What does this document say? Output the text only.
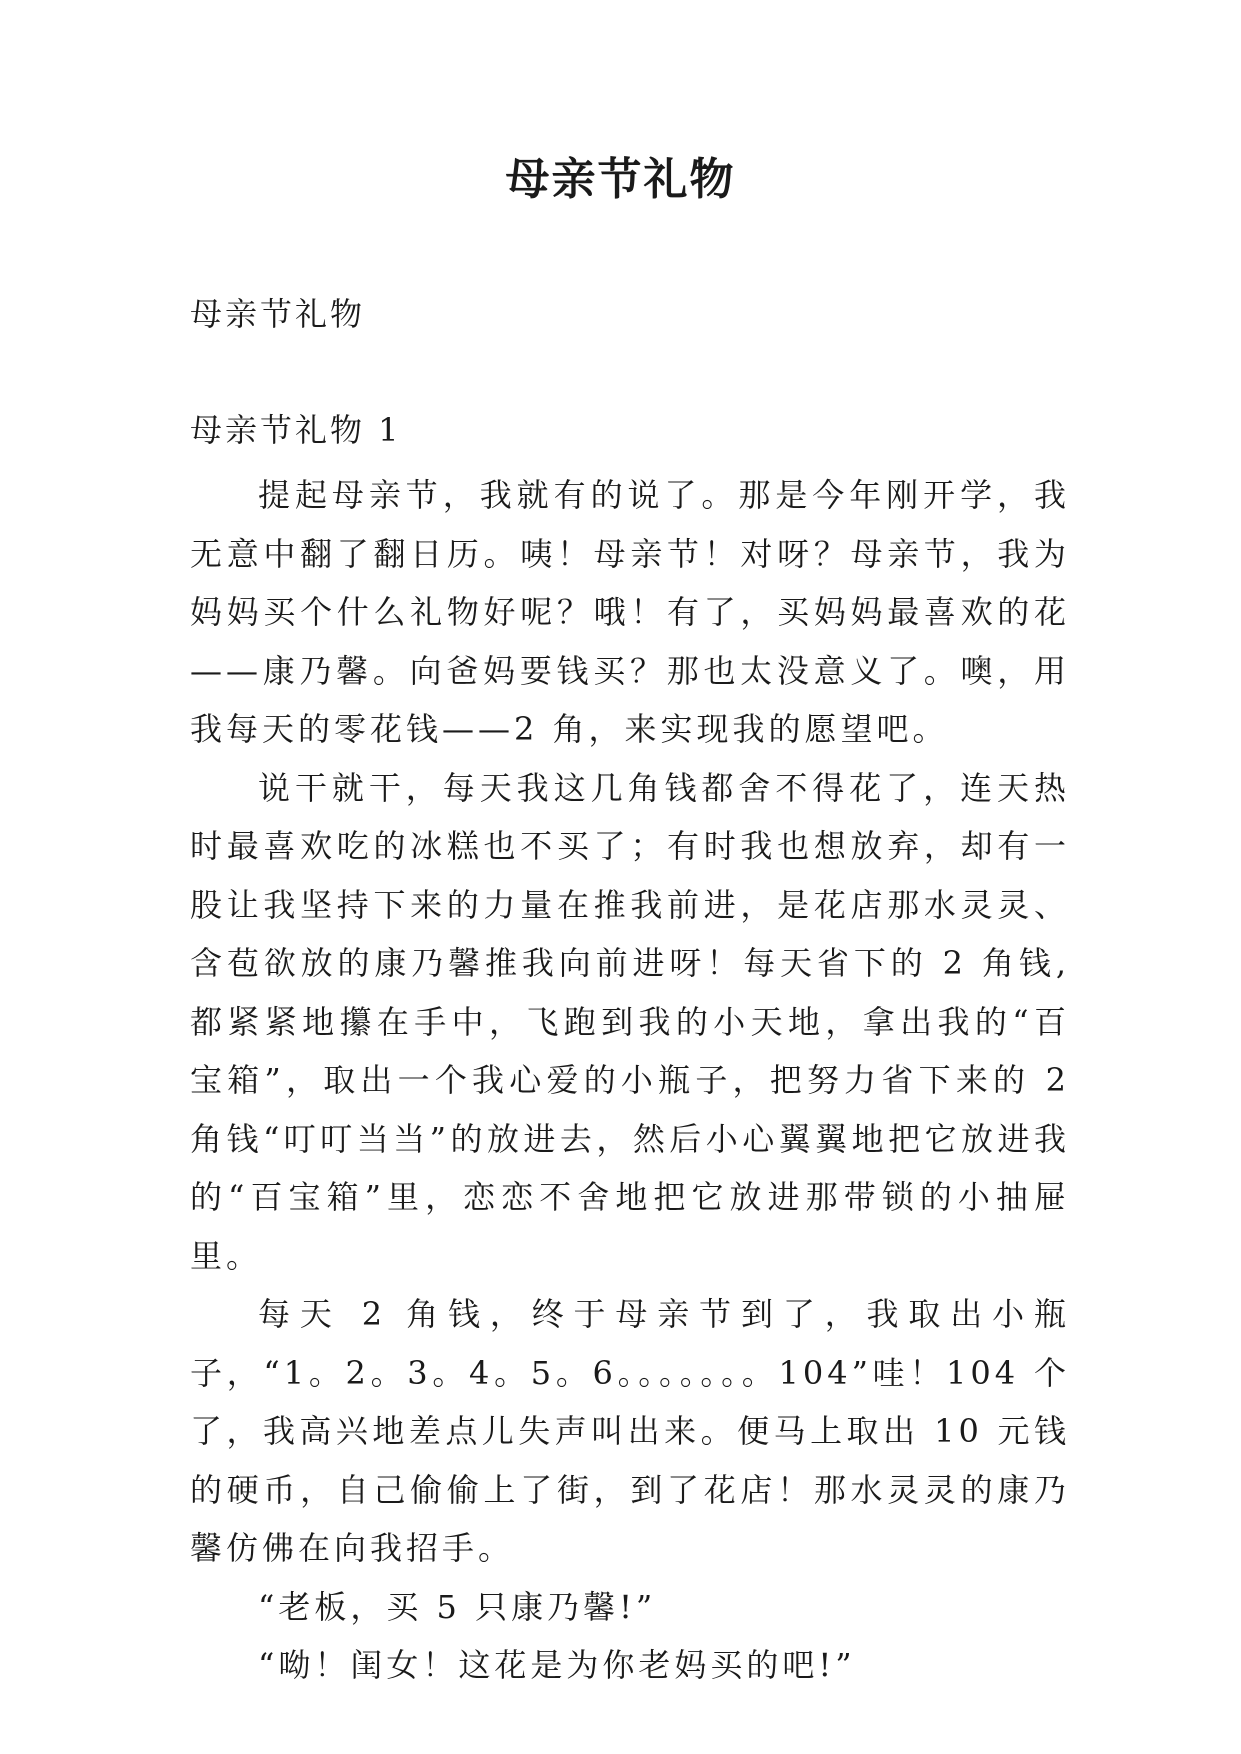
母亲节礼物
母亲节礼物
母亲节礼物 1

提起母亲节，我就有的说了。那是今年刚开学，我无意中翻了翻日历。咦！母亲节！对呀？母亲节，我为妈妈买个什么礼物好呢？哦！有了，买妈妈最喜欢的花——康乃馨。向爸妈要钱买？那也太没意义了。噢，用我每天的零花钱——2 角，来实现我的愿望吧。

说干就干，每天我这几角钱都舍不得花了，连天热时最喜欢吃的冰糕也不买了；有时我也想放弃，却有一股让我坚持下来的力量在推我前进，是花店那水灵灵、含苞欲放的康乃馨推我向前进呀！每天省下的 2 角钱,都紧紧地攥在手中，飞跑到我的小天地，拿出我的“百宝箱”，取出一个我心爱的小瓶子，把努力省下来的 2 角钱“叮叮当当”的放进去，然后小心翼翼地把它放进我的“百宝箱”里，恋恋不舍地把它放进那带锁的小抽屉里。

每天 2 角钱，终于母亲节到了，我取出小瓶子，“1。2。3。4。5。6。。。。。。。104”哇！104 个了，我高兴地差点儿失声叫出来。便马上取出 10 元钱的硬币，自己偷偷上了街，到了花店！那水灵灵的康乃馨仿佛在向我招手。

“老板，买 5 只康乃馨!”

“呦！闺女！这花是为你老妈买的吧!”
